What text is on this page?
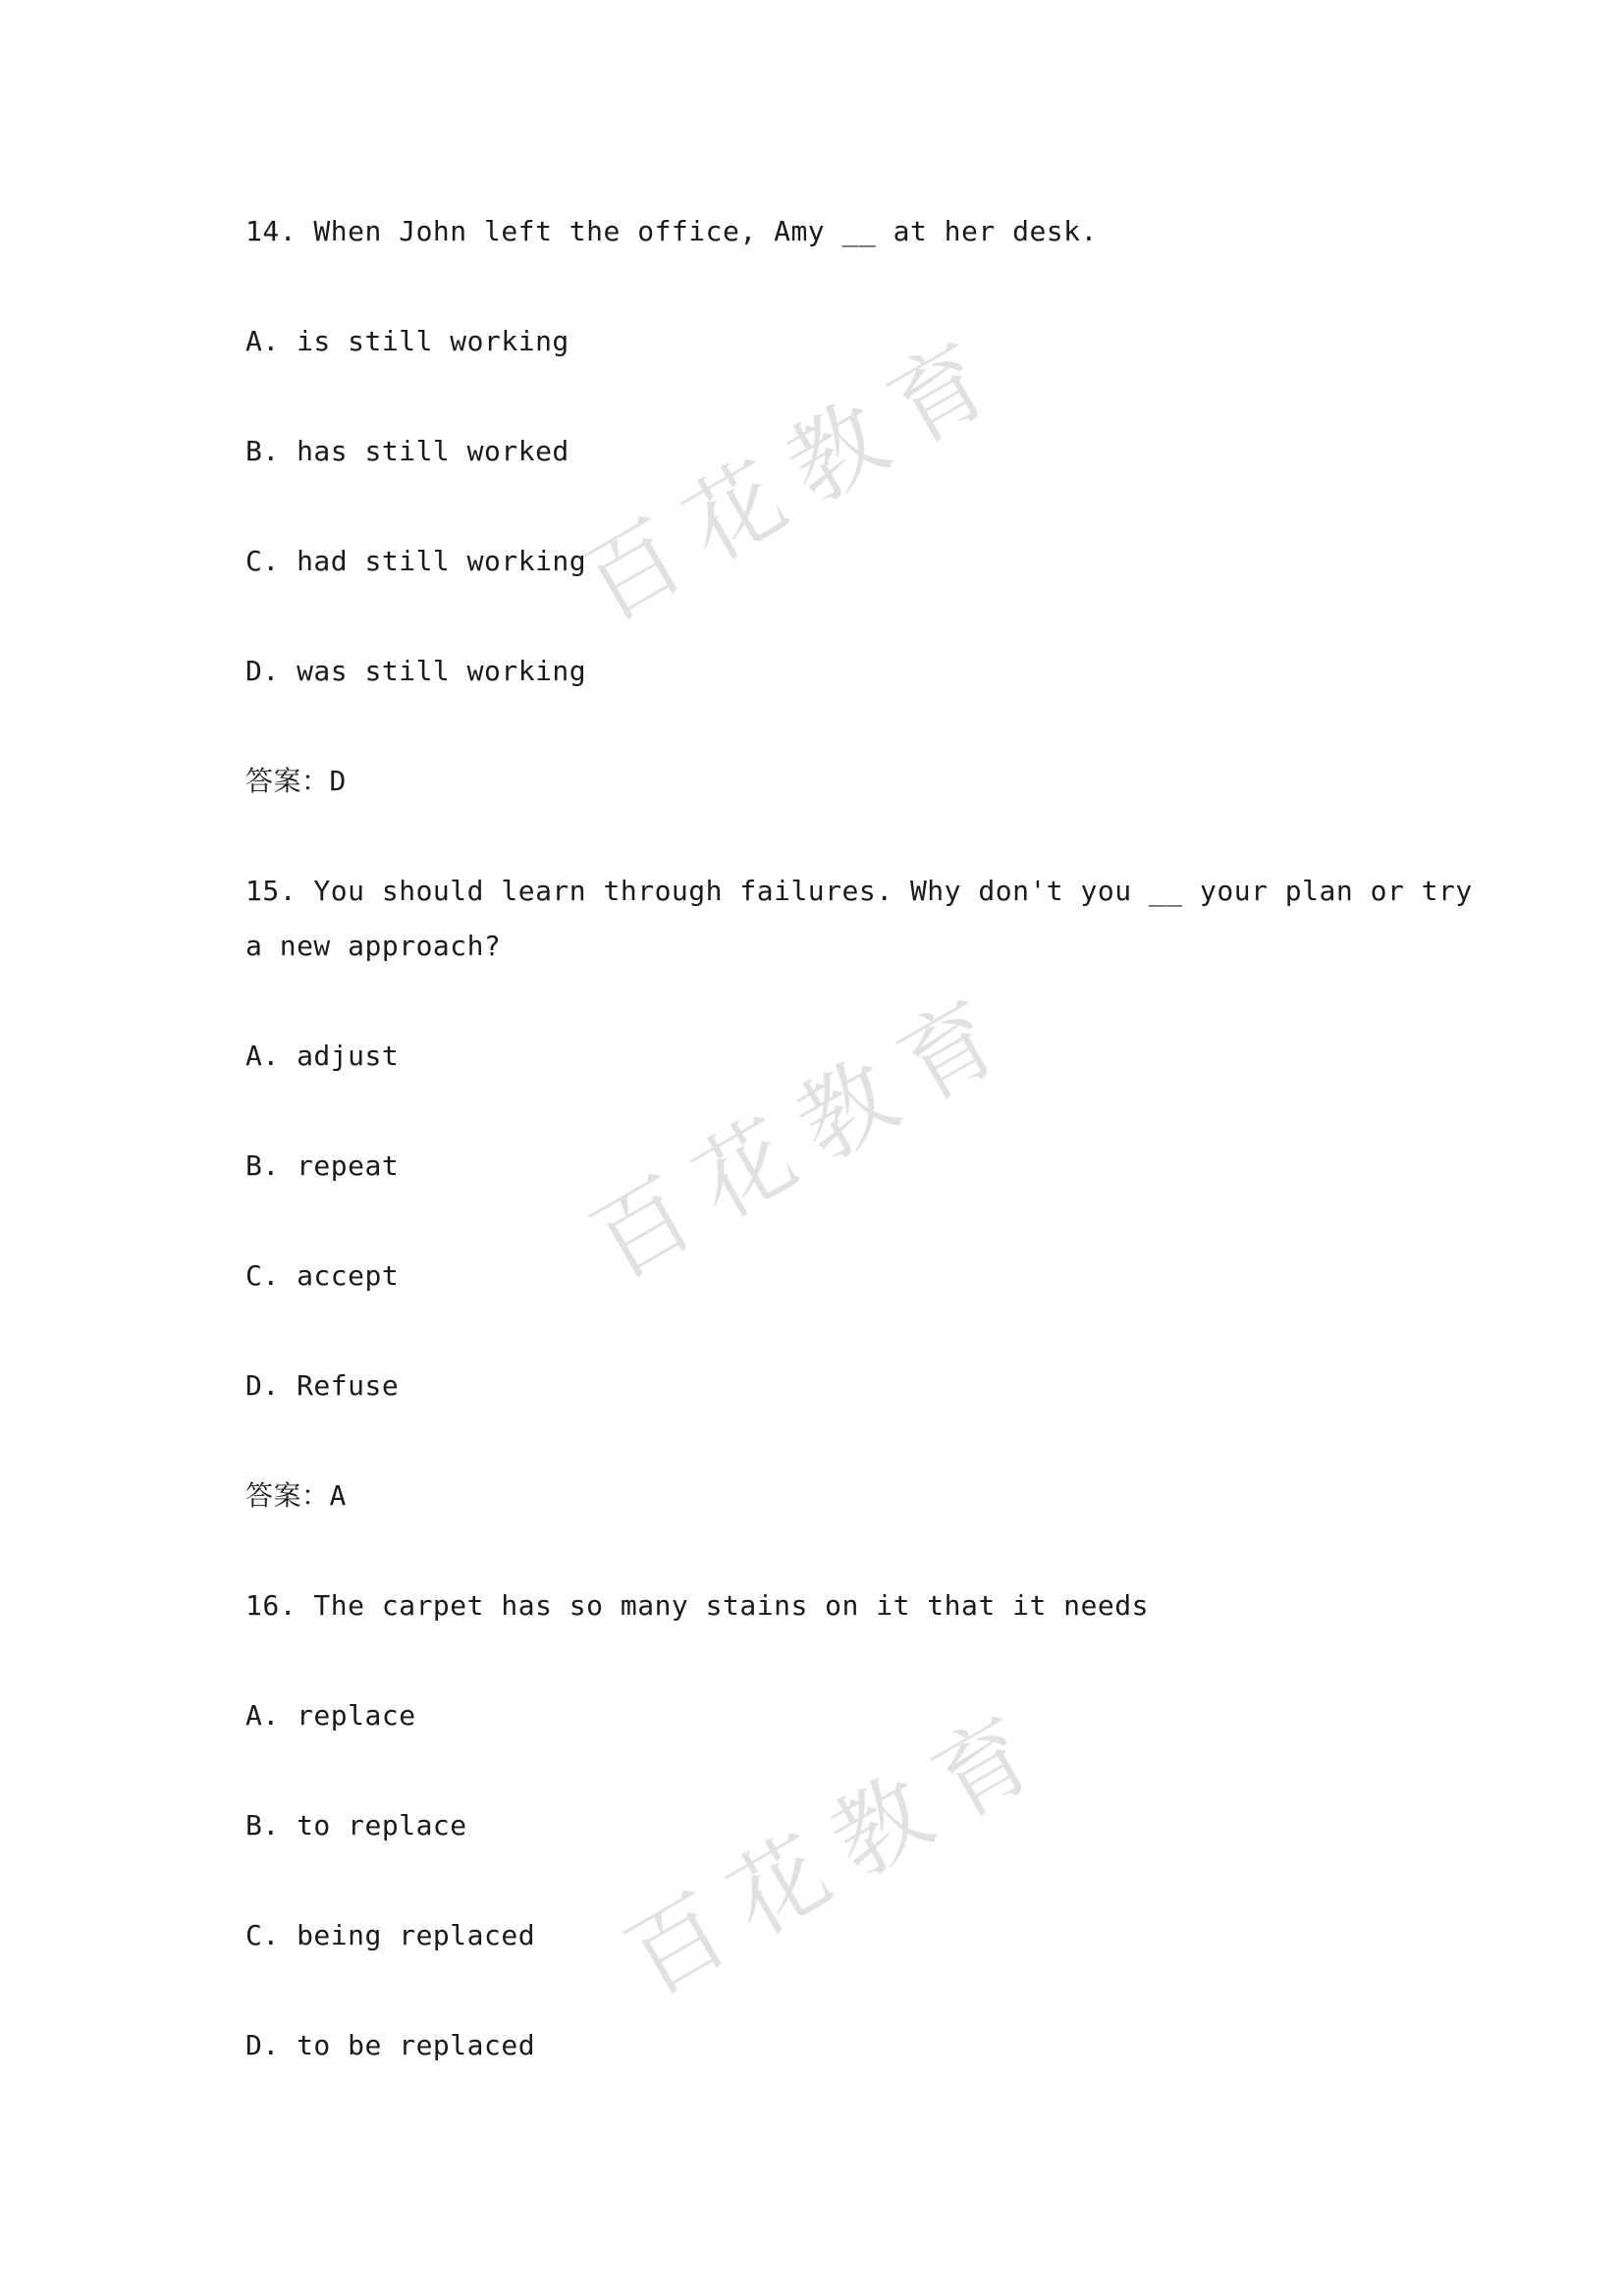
百花教育
百花教育
百花教育
14. When John left the office, Amy __ at her desk.
A. is still working
B. has still worked
C. had still working
D. was still working
答案：D
15. You should learn through failures. Why don't you __ your plan or try
a new approach?
A. adjust
B. repeat
C. accept
D. Refuse
答案：A
16. The carpet has so many stains on it that it needs
A. replace
B. to replace
C. being replaced
D. to be replaced
